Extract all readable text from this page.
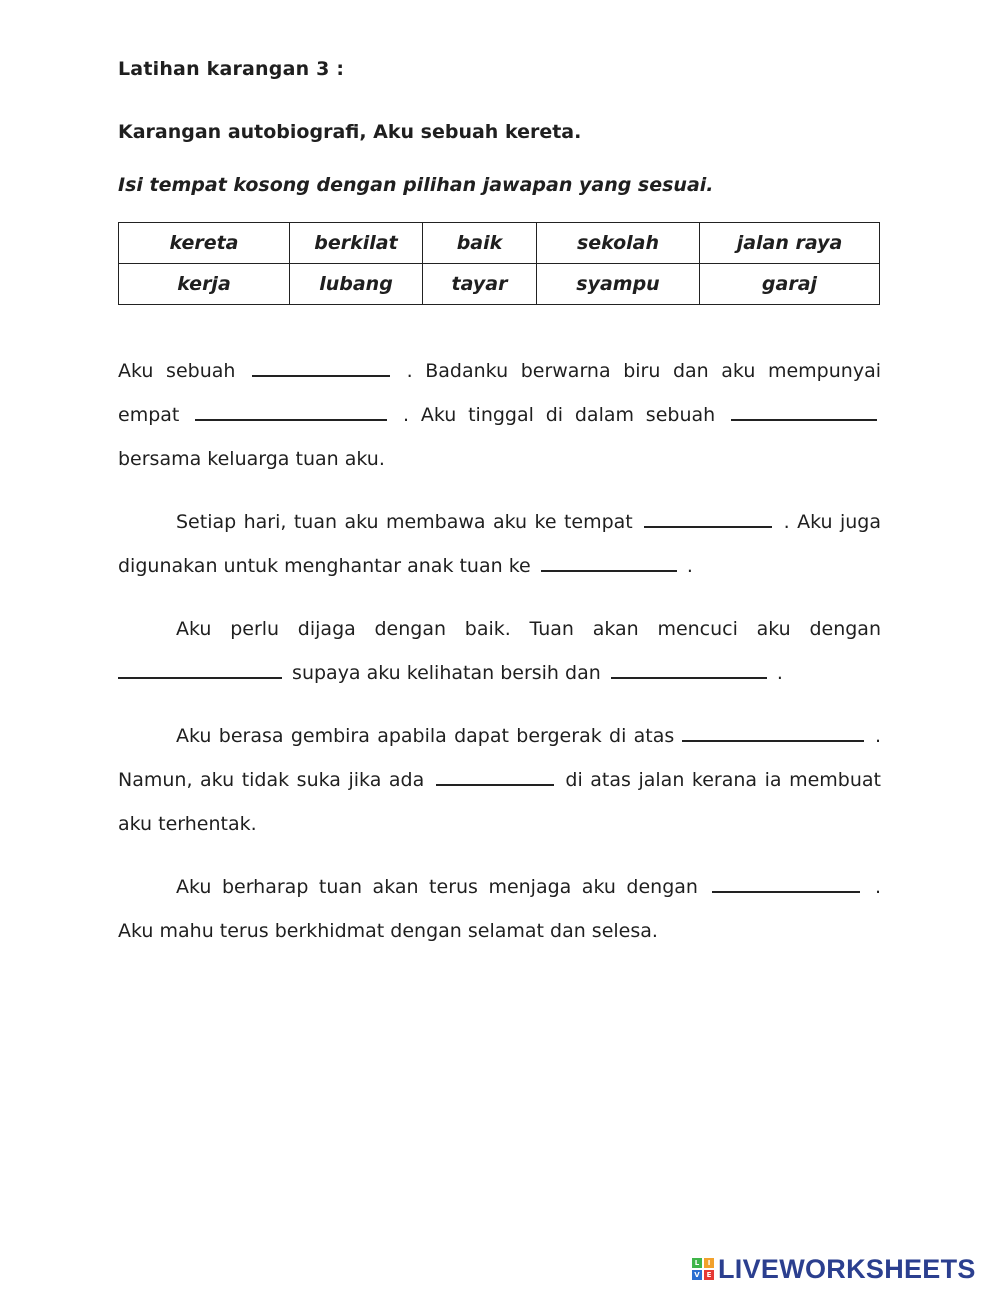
Latihan karangan 3 :
Karangan autobiografi, Aku sebuah kereta.
Isi tempat kosong dengan pilihan jawapan yang sesuai.
kereta	berkilat	baik	sekolah	jalan raya
kerja	lubang	tayar	syampu	garaj
Aku sebuah	. Badanku berwarna biru dan aku mempunyai empat	. Aku tinggal di dalam sebuah  bersama keluarga tuan aku.
Setiap hari, tuan aku membawa aku ke tempat	. Aku juga digunakan untuk menghantar anak tuan ke	.
Aku perlu dijaga dengan baik. Tuan akan mencuci aku dengan  supaya aku kelihatan bersih dan	.
Aku berasa gembira apabila dapat bergerak di atas	. Namun, aku tidak suka jika ada	di atas jalan kerana ia membuat aku terhentak.
Aku berharap tuan akan terus menjaga aku dengan	. Aku mahu terus berkhidmat dengan selamat dan selesa.
L	I
V E LIVEWORKSHEETS
